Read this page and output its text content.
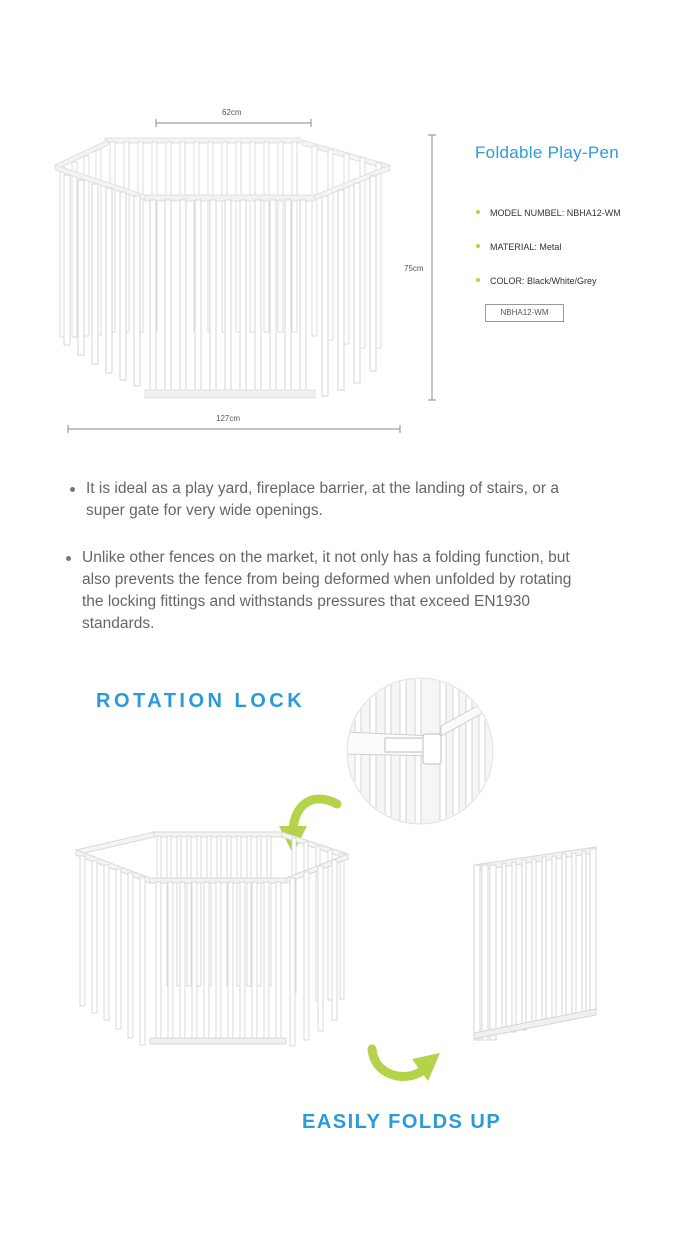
62cm
75cm
127cm
Foldable Play-Pen
MODEL NUMBEL: NBHA12-WM
MATERIAL: Metal
COLOR: Black/White/Grey
NBHA12-WM
It is ideal as a play yard, fireplace barrier, at the landing of stairs, or a
super gate for very wide openings.
Unlike other fences on the market, it not only has a folding function, but
also prevents the fence from being deformed when unfolded by rotating
the locking fittings and withstands pressures that exceed EN1930
standards.
ROTATION LOCK
EASILY FOLDS UP
